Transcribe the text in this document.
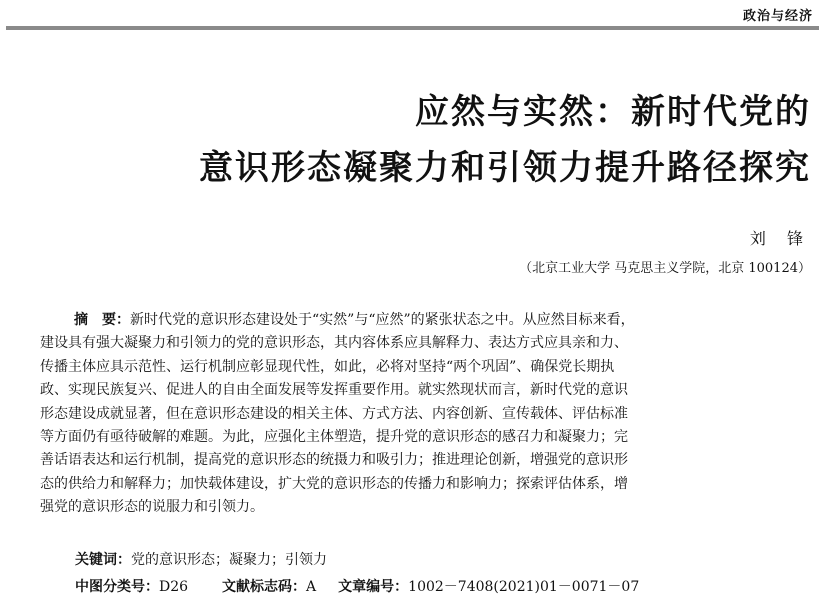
政治与经济
应然与实然：新时代党的
意识形态凝聚力和引领力提升路径探究
刘 锋
（北京工业大学 马克思主义学院，北京 100124）
摘　要：新时代党的意识形态建设处于“实然”与“应然”的紧张状态之中。从应然目标来看，
建设具有强大凝聚力和引领力的党的意识形态，其内容体系应具解释力、表达方式应具亲和力、
传播主体应具示范性、运行机制应彰显现代性，如此，必将对坚持“两个巩固”、确保党长期执
政、实现民族复兴、促进人的自由全面发展等发挥重要作用。就实然现状而言，新时代党的意识
形态建设成就显著，但在意识形态建设的相关主体、方式方法、内容创新、宣传载体、评估标准
等方面仍有亟待破解的难题。为此，应强化主体塑造，提升党的意识形态的感召力和凝聚力；完
善话语表达和运行机制，提高党的意识形态的统摄力和吸引力；推进理论创新，增强党的意识形
态的供给力和解释力；加快载体建设，扩大党的意识形态的传播力和影响力；探索评估体系，增
强党的意识形态的说服力和引领力。
关键词：党的意识形态；凝聚力；引领力
中图分类号：D26 文献标志码：A 文章编号：1002－7408(2021)01－0071－07
